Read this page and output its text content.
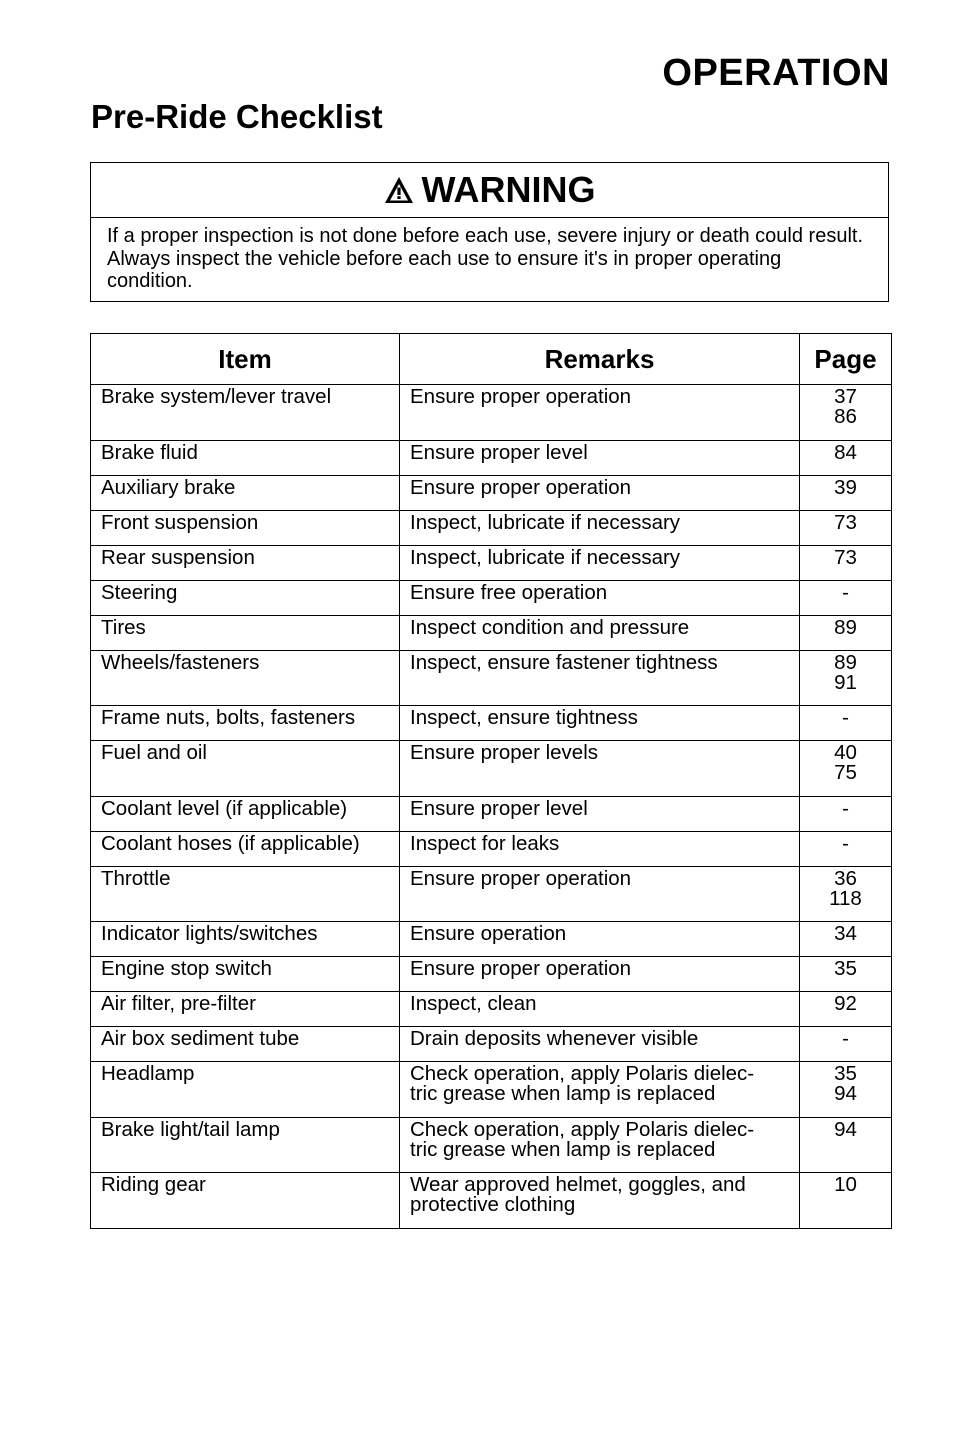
OPERATION
Pre-Ride Checklist
WARNING
If a proper inspection is not done before each use, severe injury or death could result. Always inspect the vehicle before each use to ensure it's in proper operating condition.
Item	Remarks	Page
Brake system/lever travel	Ensure proper operation	37
86

Brake fluid	Ensure proper level	84

Auxiliary brake	Ensure proper operation	39

Front suspension	Inspect, lubricate if necessary	73

Rear suspension	Inspect, lubricate if necessary	73

Steering	Ensure free operation	-

Tires	Inspect condition and pressure	89

Wheels/fasteners	Inspect, ensure fastener tightness	89
91

Frame nuts, bolts, fasteners	Inspect, ensure tightness	-

Fuel and oil	Ensure proper levels	40
75

Coolant level (if applicable)	Ensure proper level	-

Coolant hoses (if applicable)	Inspect for leaks	-

Throttle	Ensure proper operation	36
118

Indicator lights/switches	Ensure operation	34

Engine stop switch	Ensure proper operation	35

Air filter, pre-filter	Inspect, clean	92

Air box sediment tube	Drain deposits whenever visible	-

Headlamp	Check operation, apply Polaris dielec-
tric grease when lamp is replaced	35
94

Brake light/tail lamp	Check operation, apply Polaris dielec-
tric grease when lamp is replaced	94

Riding gear	Wear approved helmet, goggles, and
protective clothing	10
